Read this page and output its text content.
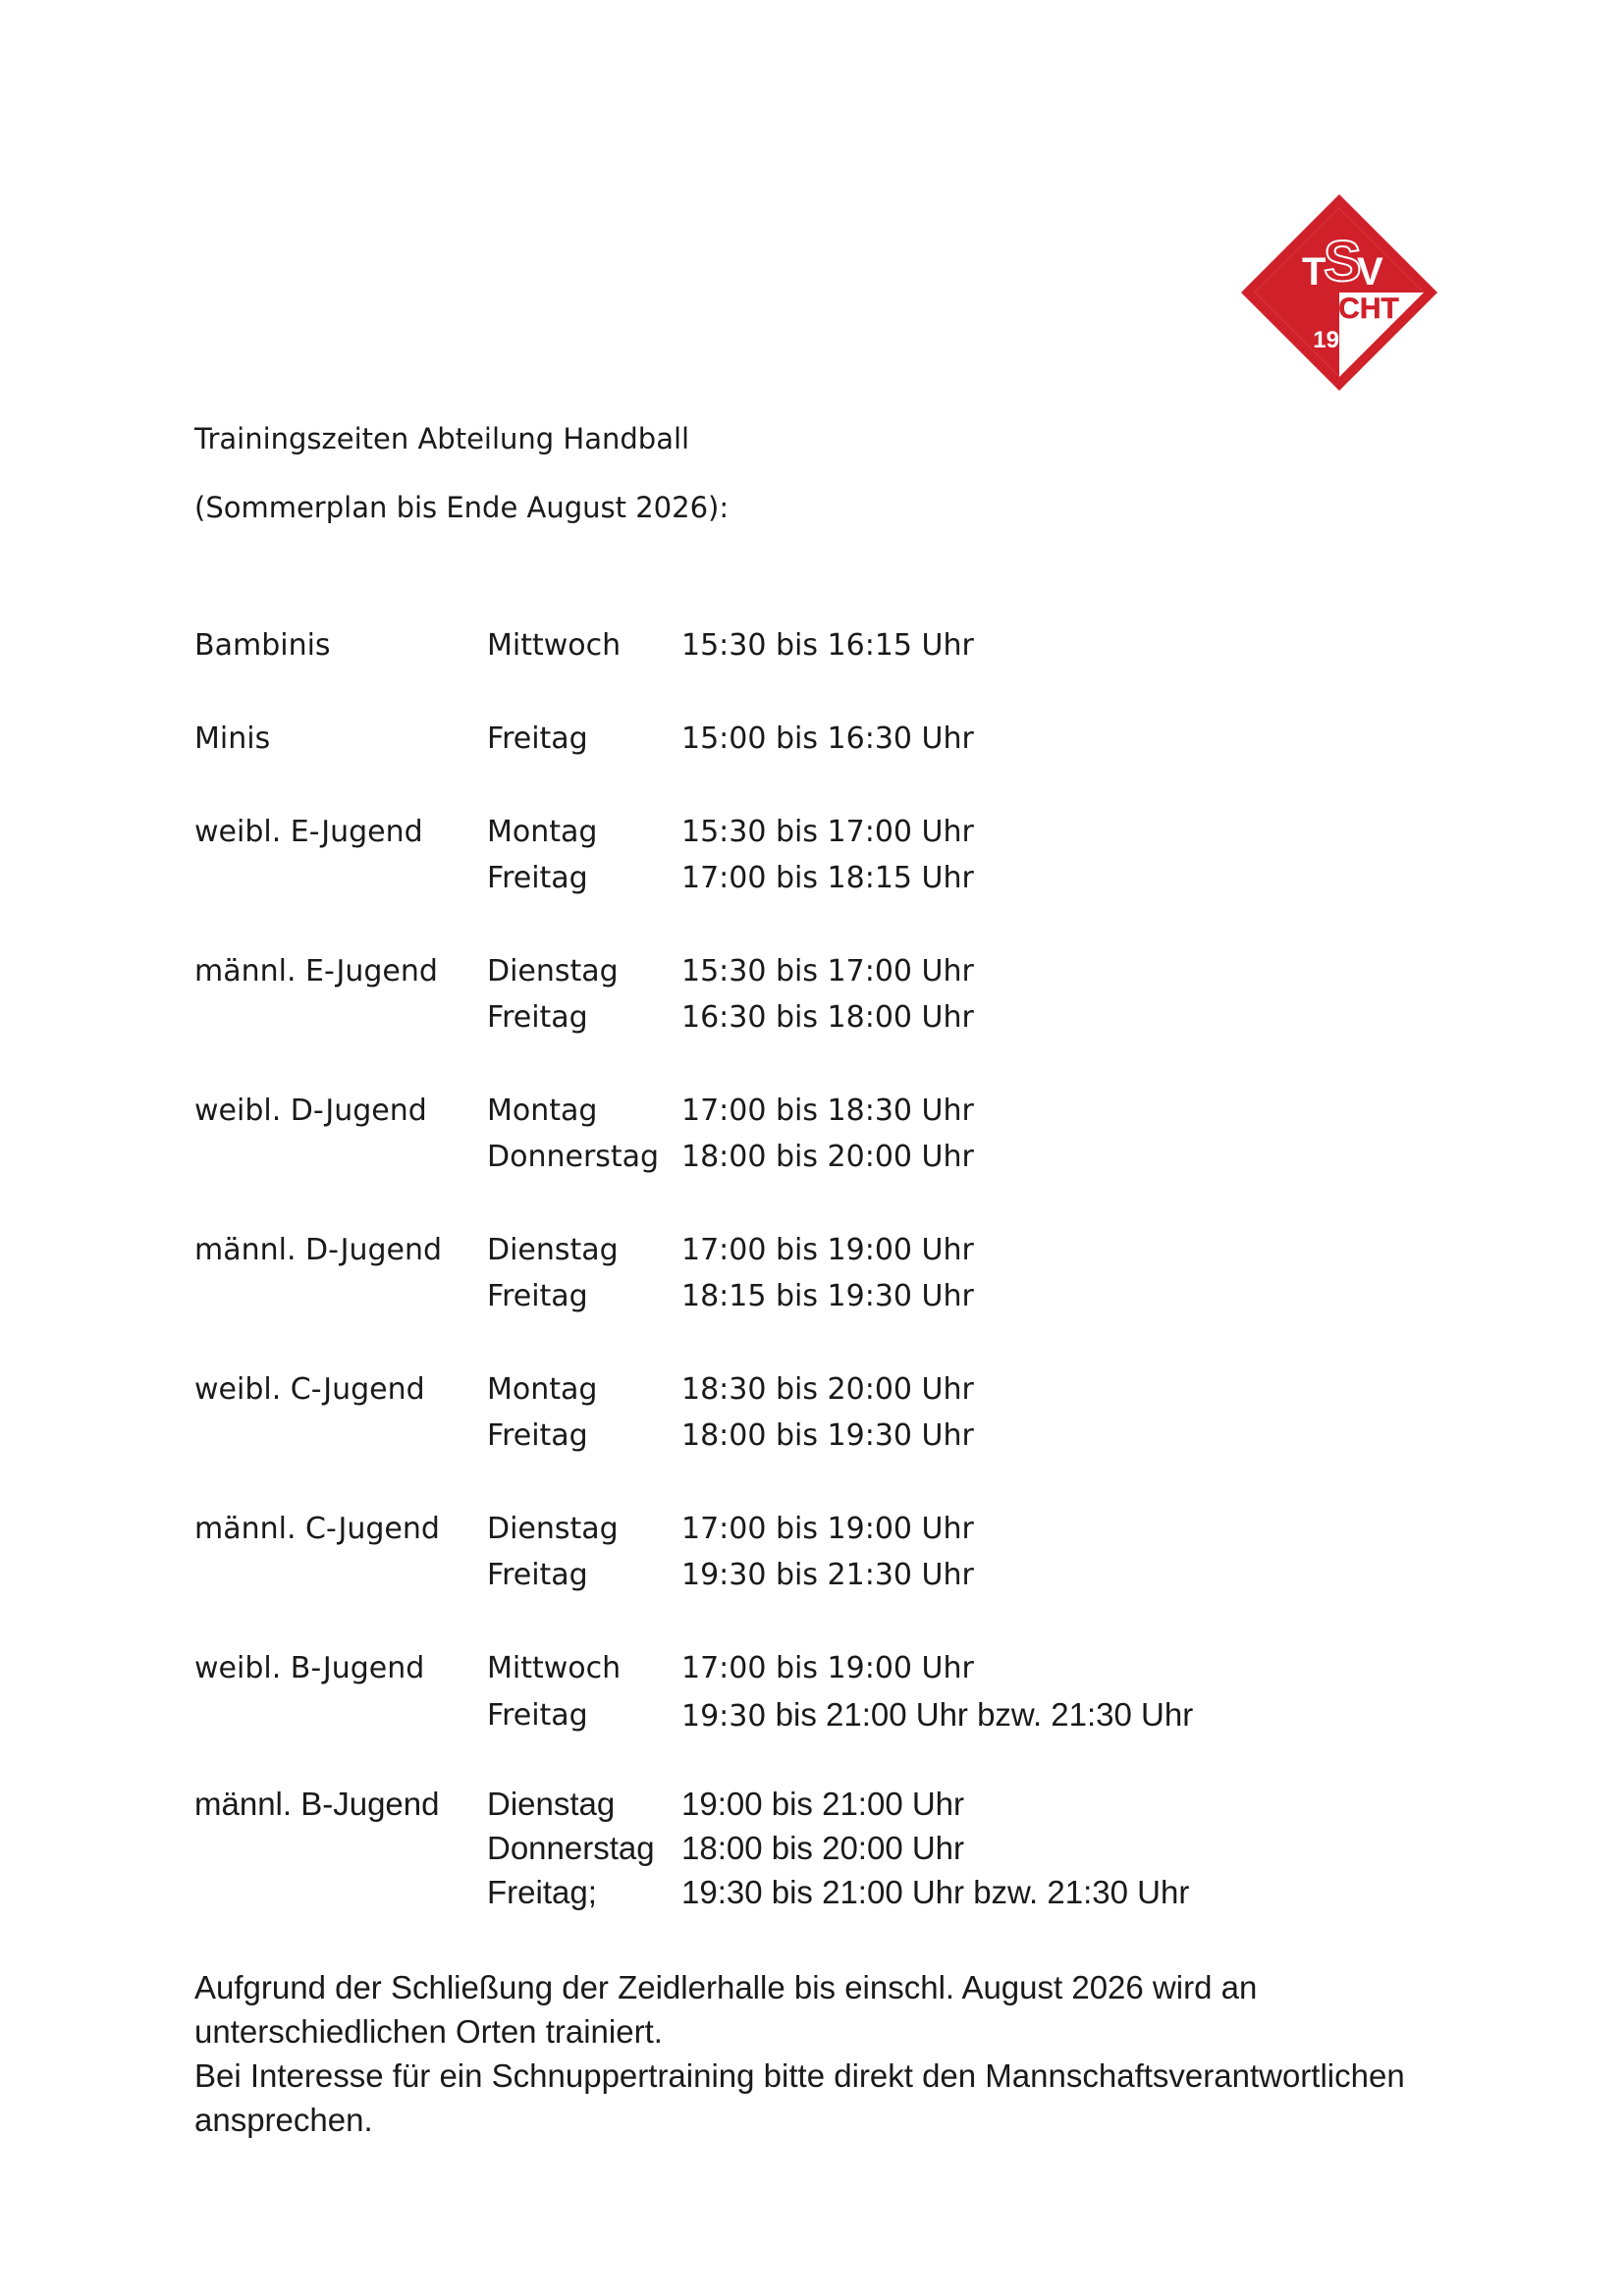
T
S
V
FEUCHT
1904
Trainingszeiten Abteilung Handball
(Sommerplan bis Ende August 2026):
Bambinis	Mittwoch 15:30 bis 16:15 Uhr
Minis	Freitag	15:00 bis 16:30 Uhr
weibl. E-Jugend Montag	15:30 bis 17:00 Uhr
Freitag	17:00 bis 18:15 Uhr
männl. E-Jugend Dienstag 15:30 bis 17:00 Uhr
Freitag	16:30 bis 18:00 Uhr
weibl. D-Jugend Montag	17:00 bis 18:30 Uhr
Donnerstag 18:00 bis 20:00 Uhr
männl. D-Jugend Dienstag 17:00 bis 19:00 Uhr
Freitag	18:15 bis 19:30 Uhr
weibl. C-Jugend Montag	18:30 bis 20:00 Uhr
Freitag	18:00 bis 19:30 Uhr
männl. C-Jugend Dienstag 17:00 bis 19:00 Uhr
Freitag	19:30 bis 21:30 Uhr
weibl. B-Jugend Mittwoch 17:00 bis 19:00 Uhr
Freitag	19:30 bis 21:00 Uhr bzw. 21:30 Uhr
männl. B-Jugend Dienstag 19:00 bis 21:00 Uhr
Donnerstag 18:00 bis 20:00 Uhr
Freitag;	19:30 bis 21:00 Uhr bzw. 21:30 Uhr

Aufgrund der Schließung der Zeidlerhalle bis einschl. August 2026 wird an unterschiedlichen Orten trainiert.

Bei Interesse für ein Schnuppertraining bitte direkt den Mannschaftsverantwortlichen ansprechen.
